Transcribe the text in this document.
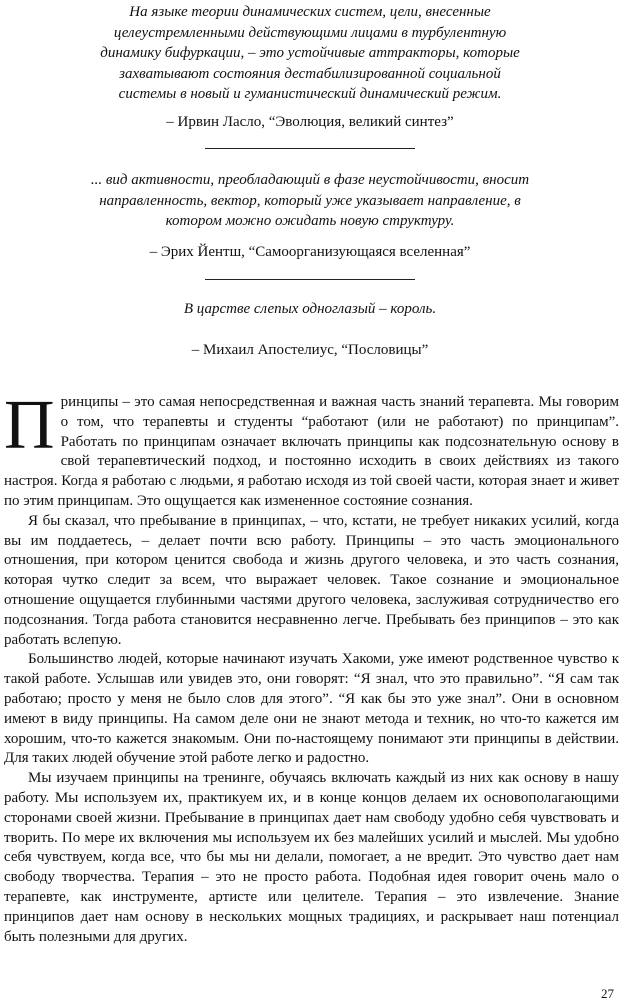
На языке теории динамических систем, цели, внесенные

целеустремленными действующими лицами в турбулентную

динамику бифуркации, – это устойчивые аттракторы, которые

захватывают состояния дестабилизированной социальной

системы в новый и гуманистический динамический режим.

– Ирвин Ласло, “Эволюция, великий синтез”

... вид активности, преобладающий в фазе неустойчивости, вносит

направленность, вектор, который уже указывает направление, в

котором можно ожидать новую структуру.

– Эрих Йентш, “Самоорганизующаяся вселенная”

В царстве слепых одноглазый – король.

– Михаил Апостелиус, “Пословицы”

Принципы – это самая непосредственная и важная часть знаний терапевта. Мы говорим о том, что терапевты и студенты “работают (или не работают) по принципам”. Работать по принципам означает включать принципы как подсознательную основу в свой терапевтический подход, и постоянно исходить в своих действиях из такого настроя. Когда я работаю с людьми, я работаю исходя из той своей части, которая знает и живет по этим принципам. Это ощущается как измененное состояние сознания.

Я бы сказал, что пребывание в принципах, – что, кстати, не требует никаких усилий, когда вы им поддаетесь, – делает почти всю работу. Принципы – это часть эмоционального отношения, при котором ценится свобода и жизнь другого человека, и это часть сознания, которая чутко следит за всем, что выражает человек. Такое сознание и эмоциональное отношение ощущается глубинными частями другого человека, заслуживая сотрудничество его подсознания. Тогда работа становится несравненно легче. Пребывать без принципов – это как работать вслепую.

Большинство людей, которые начинают изучать Хакоми, уже имеют родственное чувство к такой работе. Услышав или увидев это, они говорят: “Я знал, что это правильно”. “Я сам так работаю; просто у меня не было слов для этого”. “Я как бы это уже знал”. Они в основном имеют в виду принципы. На самом деле они не знают метода и техник, но что-то кажется им хорошим, что-то кажется знакомым. Они по-настоящему понимают эти принципы в действии. Для таких людей обучение этой работе легко и радостно.

Мы изучаем принципы на тренинге, обучаясь включать каждый из них как основу в нашу работу. Мы используем их, практикуем их, и в конце концов делаем их основополагающими сторонами своей жизни. Пребывание в принципах дает нам свободу удобно себя чувствовать и творить. По мере их включения мы используем их без малейших усилий и мыслей. Мы удобно себя чувствуем, когда все, что бы мы ни делали, помогает, а не вредит. Это чувство дает нам свободу творчества. Терапия – это не просто работа. Подобная идея говорит очень мало о терапевте, как инструменте, артисте или целителе. Терапия – это извлечение. Знание принципов дает нам основу в нескольких мощных традициях, и раскрывает наш потенциал быть полезными для других.

27
